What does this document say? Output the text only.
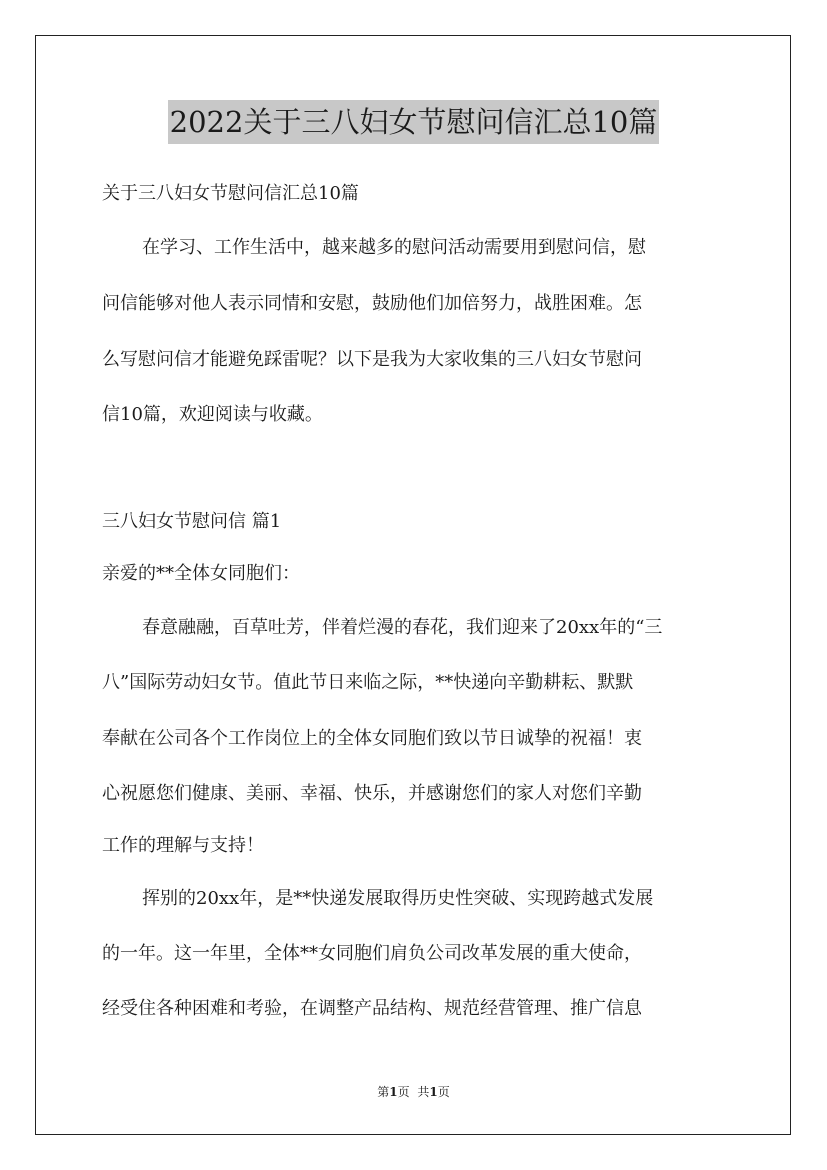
2022关于三八妇女节慰问信汇总10篇
关于三八妇女节慰问信汇总10篇
在学习、工作生活中，越来越多的慰问活动需要用到慰问信，慰
问信能够对他人表示同情和安慰，鼓励他们加倍努力，战胜困难。怎
么写慰问信才能避免踩雷呢？以下是我为大家收集的三八妇女节慰问
信10篇，欢迎阅读与收藏。
三八妇女节慰问信 篇1
亲爱的**全体女同胞们：
春意融融，百草吐芳，伴着烂漫的春花，我们迎来了20xx年的“三
八”国际劳动妇女节。值此节日来临之际，**快递向辛勤耕耘、默默
奉献在公司各个工作岗位上的全体女同胞们致以节日诚挚的祝福！衷
心祝愿您们健康、美丽、幸福、快乐，并感谢您们的家人对您们辛勤
工作的理解与支持！
挥别的20xx年，是**快递发展取得历史性突破、实现跨越式发展
的一年。这一年里，全体**女同胞们肩负公司改革发展的重大使命，
经受住各种困难和考验，在调整产品结构、规范经营管理、推广信息
第1页 共1页
